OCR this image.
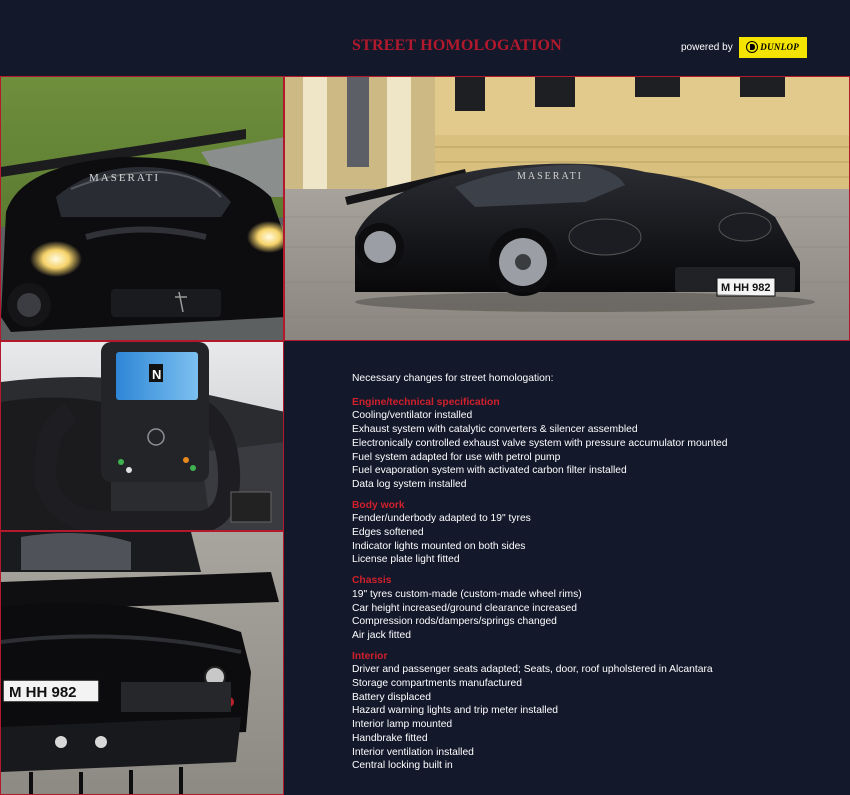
STREET HOMOLOGATION	powered by	DUNLOP
MASERATI	MASERATI
M HH 982
N
M HH 982

Necessary changes for street homologation:

Engine/technical specification

Cooling/ventilator installed

Exhaust system with catalytic converters & silencer assembled

Electronically controlled exhaust valve system with pressure accumulator mounted

Fuel system adapted for use with petrol pump

Fuel evaporation system with activated carbon filter installed

Data log system installed

Body work

Fender/underbody adapted to 19" tyres

Edges softened

Indicator lights mounted on both sides

License plate light fitted

Chassis

19" tyres custom-made (custom-made wheel rims)

Car height increased/ground clearance increased

Compression rods/dampers/springs changed

Air jack fitted

Interior

Driver and passenger seats adapted; Seats, door, roof upholstered in Alcantara

Storage compartments manufactured

Battery displaced

Hazard warning lights and trip meter installed

Interior lamp mounted

Handbrake fitted

Interior ventilation installed

Central locking built in
